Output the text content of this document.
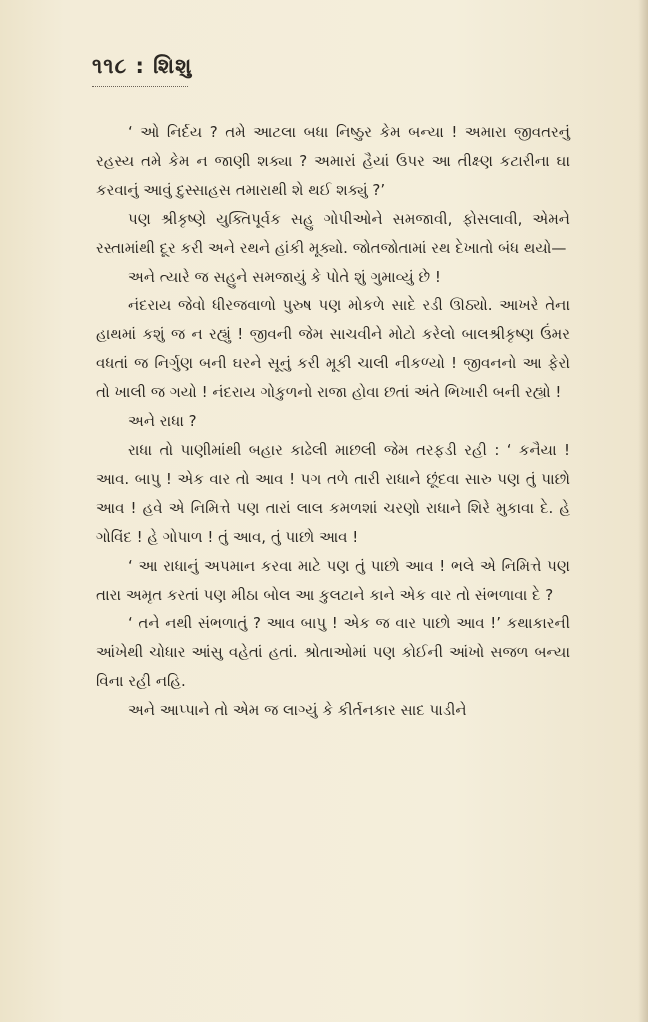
૧૧૮ : શિશુ

‘ ઓ નિર્દય ? તમે આટલા બધા નિષ્ઠુર કેમ બન્યા ! અમારા જીવતરનું રહસ્ય તમે કેમ ન જાણી શક્યા ? અમારાં હૈયાં ઉપર આ તીક્ષ્ણ કટારીના ઘા કરવાનું આવું દુસ્સાહસ તમારાથી શે થઈ શક્યું ?’

પણ શ્રીકૃષ્ણે યુક્તિપૂર્વક સહુ ગોપીઓને સમજાવી, ફોસલાવી, એમને રસ્તામાંથી દૂર કરી અને રથને હાંકી મૂક્યો. જોતજોતામાં રથ દેખાતો બંધ થયો—

અને ત્યારે જ સહુને સમજાયું કે પોતે શું ગુમાવ્યું છે !

નંદરાય જેવો ધીરજવાળો પુરુષ પણ મોકળે સાદે રડી ઊઠ્યો. આખરે તેના હાથમાં કશું જ ન રહ્યું ! જીવની જેમ સાચવીને મોટો કરેલો બાલશ્રીકૃષ્ણ ઉંમર વધતાં જ નિર્ગુણ બની ઘરને સૂનું કરી મૂકી ચાલી નીકળ્યો ! જીવનનો આ ફેરો તો ખાલી જ ગયો ! નંદરાય ગોકુળનો રાજા હોવા છતાં અંતે ભિખારી બની રહ્યો !

અને રાધા ?

રાધા તો પાણીમાંથી બહાર કાઢેલી માછલી જેમ તરફડી રહી : ‘ કનૈયા ! આવ. બાપુ ! એક વાર તો આવ ! પગ તળે તારી રાધાને છૂંદવા સારુ પણ તું પાછો આવ ! હવે એ નિમિત્તે પણ તારાં લાલ કમળશાં ચરણો રાધાને શિરે મુકાવા દે. હે ગોવિંદ ! હે ગોપાળ ! તું આવ, તું પાછો આવ !

‘ આ રાધાનું અપમાન કરવા માટે પણ તું પાછો આવ ! ભલે એ નિમિત્તે પણ તારા અમૃત કરતાં પણ મીઠા બોલ આ કુલટાને કાને એક વાર તો સંભળાવા દે ?

‘ તને નથી સંભળાતું ? આવ બાપુ ! એક જ વાર પાછો આવ !’ કથાકારની આંખેથી ચોધાર આંસુ વહેતાં હતાં. શ્રોતાઓમાં પણ કોઈની આંખો સજળ બન્યા વિના રહી નહિ.

અને આપ્પાને તો એમ જ લાગ્યું કે કીર્તનકાર સાદ પાડીને
